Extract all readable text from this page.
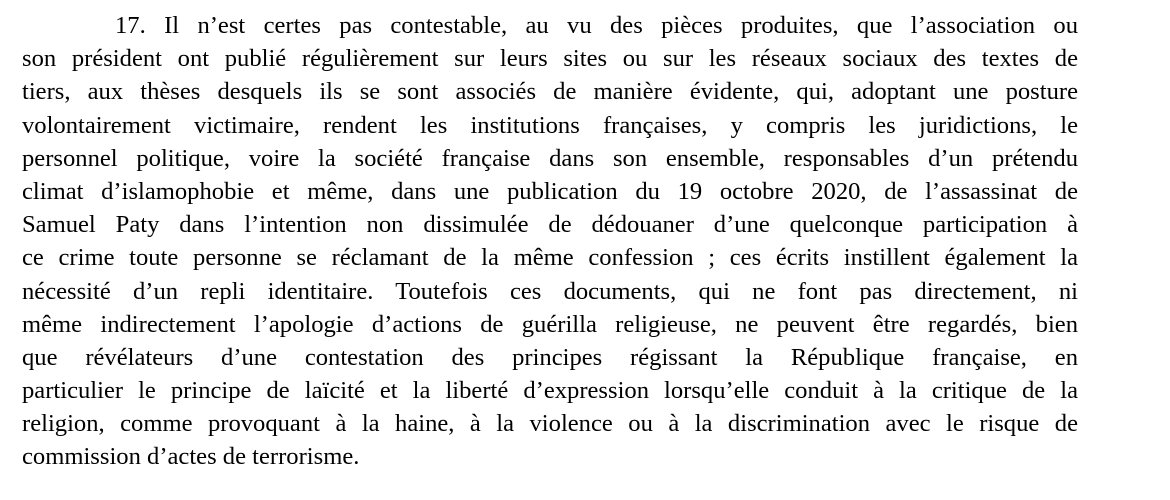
17. Il n’est certes pas contestable, au vu des pièces produites, que l’association ou
son président ont publié régulièrement sur leurs sites ou sur les réseaux sociaux des textes de
tiers, aux thèses desquels ils se sont associés de manière évidente, qui, adoptant une posture
volontairement victimaire, rendent les institutions françaises, y compris les juridictions, le
personnel politique, voire la société française dans son ensemble, responsables d’un prétendu
climat d’islamophobie et même, dans une publication du 19 octobre 2020, de l’assassinat de
Samuel Paty dans l’intention non dissimulée de dédouaner d’une quelconque participation à
ce crime toute personne se réclamant de la même confession ; ces écrits instillent également la
nécessité d’un repli identitaire. Toutefois ces documents, qui ne font pas directement, ni
même indirectement l’apologie d’actions de guérilla religieuse, ne peuvent être regardés, bien
que révélateurs d’une contestation des principes régissant la République française, en
particulier le principe de laïcité et la liberté d’expression lorsqu’elle conduit à la critique de la
religion, comme provoquant à la haine, à la violence ou à la discrimination avec le risque de
commission d’actes de terrorisme.
